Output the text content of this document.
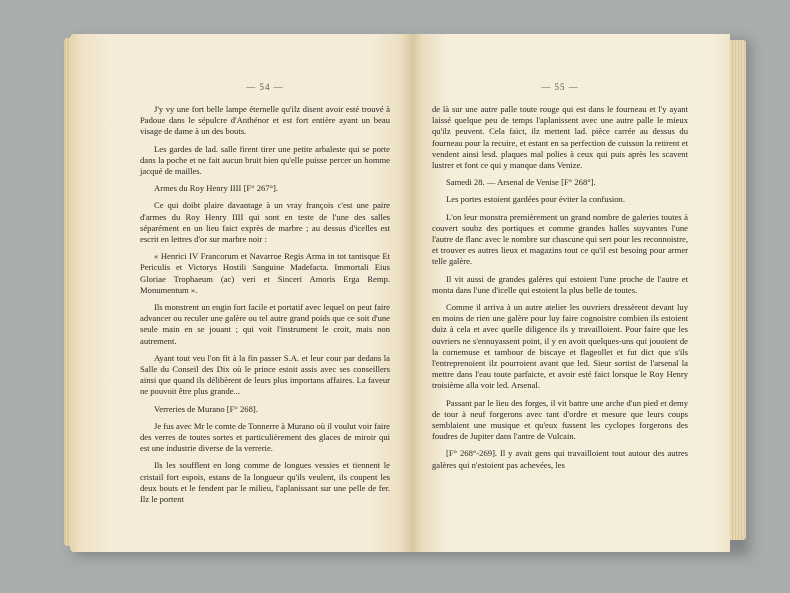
— 54 —

J'y vy une fort belle lampe éternelle qu'ilz disent avoir esté trouvé à Padoue dans le sépulcre d'Anthénor et est fort entière ayant un beau visage de dame à un des bouts.

Les gardes de lad. salle firent tirer une petite arbaleste qui se porte dans la poche et ne fait aucun bruit bien qu'elle puisse percer un homme jacqué de mailles.

Armes du Roy Henry IIII [F° 267°].

Ce qui doibt plaire davantage à un vray françois c'est une paire d'armes du Roy Henry IIII qui sont en teste de l'une des salles séparément en un lieu faict exprès de marbre ; au dessus d'icelles est escrit en lettres d'or sur marbre noir :

« Henrici IV Francorum et Navarroe Regis Arma in tot tantisque Et Periculis et Victorys Hostili Sanguine Madefacta. Immortali Eius Gloriae Trophaeum (ac) veri et Sinceri Amoris Erga Remp. Monumentum ».

Ils monstrent un engin fort facile et portatif avec lequel on peut faire advancer ou reculer une galère ou tel autre grand poids que ce soit d'une seule main en se jouant ; qui voit l'instrument le croit, mais non autrement.

Ayant tout veu l'on fit à la fin passer S.A. et leur cour par dedans la Salle du Conseil des Dix où le prince estoit assis avec ses conseillers ainsi que quand ils délibèrent de leurs plus importans affaires. La faveur ne pouvoit être plus grande...

Verreries de Murano [F° 268].

Je fus avec Mr le comte de Tonnerre à Murano où il voulut voir faire des verres de toutes sortes et particulièrement des glaces de miroir qui est une industrie diverse de la verrerie.

Ils les soufflent en long comme de longues vessies et tiennent le cristail fort espois, estans de la longueur qu'ils veulent, ils coupent les deux bouts et le fendent par le milieu, l'aplanissant sur une pelle de fer. Ilz le portent

— 55 —

de là sur une autre palle toute rouge qui est dans le fourneau et l'y ayant laissé quelque peu de temps l'aplanissent avec une autre palle le mieux qu'ilz peuvent. Cela faict, ilz mettent lad. pièce carrée au dessus du fourneau pour la recuire, et estant en sa perfection de cuisson la retirent et vendent ainsi lesd. plaques mal polies à ceux qui puis après les scavent lustrer et font ce qui y manque dans Venize.

Samedi 28. — Arsenal de Venise [F° 268°].

Les portes estoient gardées pour éviter la confusion.

L'on leur monstra premièrement un grand nombre de galeries toutes à couvert soubz des portiques et comme grandes halles suyvantes l'une l'autre de flanc avec le nombre sur chascune qui sert pour les reconnoistre, et trouver es autres lieux et magazins tout ce qu'il est besoing pour armer telle galère.

Il vit aussi de grandes galères qui estoient l'une proche de l'autre et monta dans l'une d'icelle qui estoient la plus belle de toutes.

Comme il arriva à un autre atelier les ouvriers dressèrent devant luy en moins de rien une galère pour luy faire cognoistre combien ils estoient duiz à cela et avec quelle diligence ils y travailloient. Pour faire que les ouvriers ne s'ennuyassent point, il y en avoit quelques-uns qui jouoient de la cornemuse et tambour de biscaye et flageollet et fut dict que s'ils l'entreprenoient ilz pourroient avant que led. Sieur sortist de l'arsenal la mettre dans l'eau toute parfaicte, et avoir esté faict lorsque le Roy Henry troisième alla voir led. Arsenal.

Passant par le lieu des forges, il vit battre une arche d'un pied et demy de tour à neuf forgerons avec tant d'ordre et mesure que leurs coups semblaient une musique et qu'eux fussent les cyclopes forgerons des foudres de Jupiter dans l'antre de Vulcain.

[F° 268°-269]. Il y avait gens qui travailloient tout autour des autres galères qui n'estoient pas achevées, les
